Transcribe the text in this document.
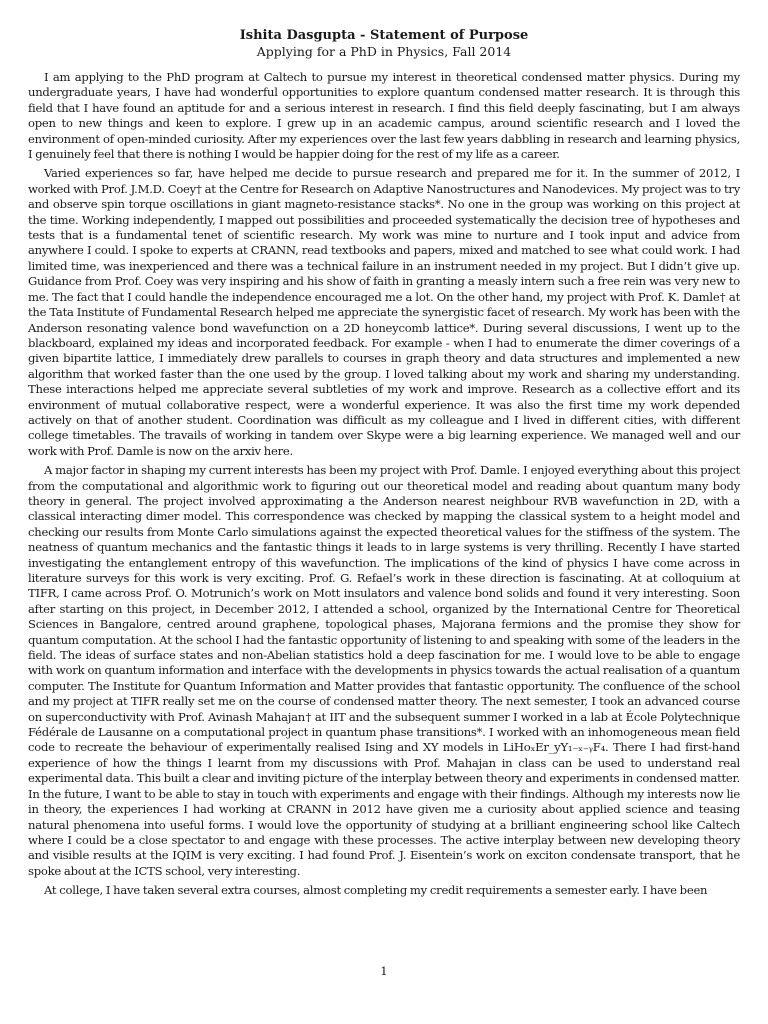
Ishita Dasgupta - Statement of Purpose
Applying for a PhD in Physics, Fall 2014

I am applying to the PhD program at Caltech to pursue my interest in theoretical condensed matter physics. During my undergraduate years, I have had wonderful opportunities to explore quantum condensed matter research. It is through this field that I have found an aptitude for and a serious interest in research. I find this field deeply fascinating, but I am always open to new things and keen to explore. I grew up in an academic campus, around scientific research and I loved the environment of open-minded curiosity. After my experiences over the last few years dabbling in research and learning physics, I genuinely feel that there is nothing I would be happier doing for the rest of my life as a career.

Varied experiences so far, have helped me decide to pursue research and prepared me for it. In the summer of 2012, I worked with Prof. J.M.D. Coey† at the Centre for Research on Adaptive Nanostructures and Nanodevices. My project was to try and observe spin torque oscillations in giant magneto-resistance stacks*. No one in the group was working on this project at the time. Working independently, I mapped out possibilities and proceeded systematically the decision tree of hypotheses and tests that is a fundamental tenet of scientific research. My work was mine to nurture and I took input and advice from anywhere I could. I spoke to experts at CRANN, read textbooks and papers, mixed and matched to see what could work. I had limited time, was inexperienced and there was a technical failure in an instrument needed in my project. But I didn’t give up. Guidance from Prof. Coey was very inspiring and his show of faith in granting a measly intern such a free rein was very new to me. The fact that I could handle the independence encouraged me a lot. On the other hand, my project with Prof. K. Damle† at the Tata Institute of Fundamental Research helped me appreciate the synergistic facet of research. My work has been with the Anderson resonating valence bond wavefunction on a 2D honeycomb lattice*. During several discussions, I went up to the blackboard, explained my ideas and incorporated feedback. For example - when I had to enumerate the dimer coverings of a given bipartite lattice, I immediately drew parallels to courses in graph theory and data structures and implemented a new algorithm that worked faster than the one used by the group. I loved talking about my work and sharing my understanding. These interactions helped me appreciate several subtleties of my work and improve. Research as a collective effort and its environment of mutual collaborative respect, were a wonderful experience. It was also the first time my work depended actively on that of another student. Coordination was difficult as my colleague and I lived in different cities, with different college timetables. The travails of working in tandem over Skype were a big learning experience. We managed well and our work with Prof. Damle is now on the arxiv here.

A major factor in shaping my current interests has been my project with Prof. Damle. I enjoyed everything about this project from the computational and algorithmic work to figuring out our theoretical model and reading about quantum many body theory in general. The project involved approximating a the Anderson nearest neighbour RVB wavefunction in 2D, with a classical interacting dimer model. This correspondence was checked by mapping the classical system to a height model and checking our results from Monte Carlo simulations against the expected theoretical values for the stiffness of the system. The neatness of quantum mechanics and the fantastic things it leads to in large systems is very thrilling. Recently I have started investigating the entanglement entropy of this wavefunction. The implications of the kind of physics I have come across in literature surveys for this work is very exciting. Prof. G. Refael’s work in these direction is fascinating. At at colloquium at TIFR, I came across Prof. O. Motrunich’s work on Mott insulators and valence bond solids and found it very interesting. Soon after starting on this project, in December 2012, I attended a school, organized by the International Centre for Theoretical Sciences in Bangalore, centred around graphene, topological phases, Majorana fermions and the promise they show for quantum computation. At the school I had the fantastic opportunity of listening to and speaking with some of the leaders in the field. The ideas of surface states and non-Abelian statistics hold a deep fascination for me. I would love to be able to engage with work on quantum information and interface with the developments in physics towards the actual realisation of a quantum computer. The Institute for Quantum Information and Matter provides that fantastic opportunity. The confluence of the school and my project at TIFR really set me on the course of condensed matter theory. The next semester, I took an advanced course on superconductivity with Prof. Avinash Mahajan† at IIT and the subsequent summer I worked in a lab at École Polytechnique Fédérale de Lausanne on a computational project in quantum phase transitions*. I worked with an inhomogeneous mean field code to recreate the behaviour of experimentally realised Ising and XY models in LiHoₓEr_yY₁₋ₓ₋ᵧF₄. There I had first-hand experience of how the things I learnt from my discussions with Prof. Mahajan in class can be used to understand real experimental data. This built a clear and inviting picture of the interplay between theory and experiments in condensed matter. In the future, I want to be able to stay in touch with experiments and engage with their findings. Although my interests now lie in theory, the experiences I had working at CRANN in 2012 have given me a curiosity about applied science and teasing natural phenomena into useful forms. I would love the opportunity of studying at a brilliant engineering school like Caltech where I could be a close spectator to and engage with these processes. The active interplay between new developing theory and visible results at the IQIM is very exciting. I had found Prof. J. Eisentein’s work on exciton condensate transport, that he spoke about at the ICTS school, very interesting.

At college, I have taken several extra courses, almost completing my credit requirements a semester early. I have been

1
